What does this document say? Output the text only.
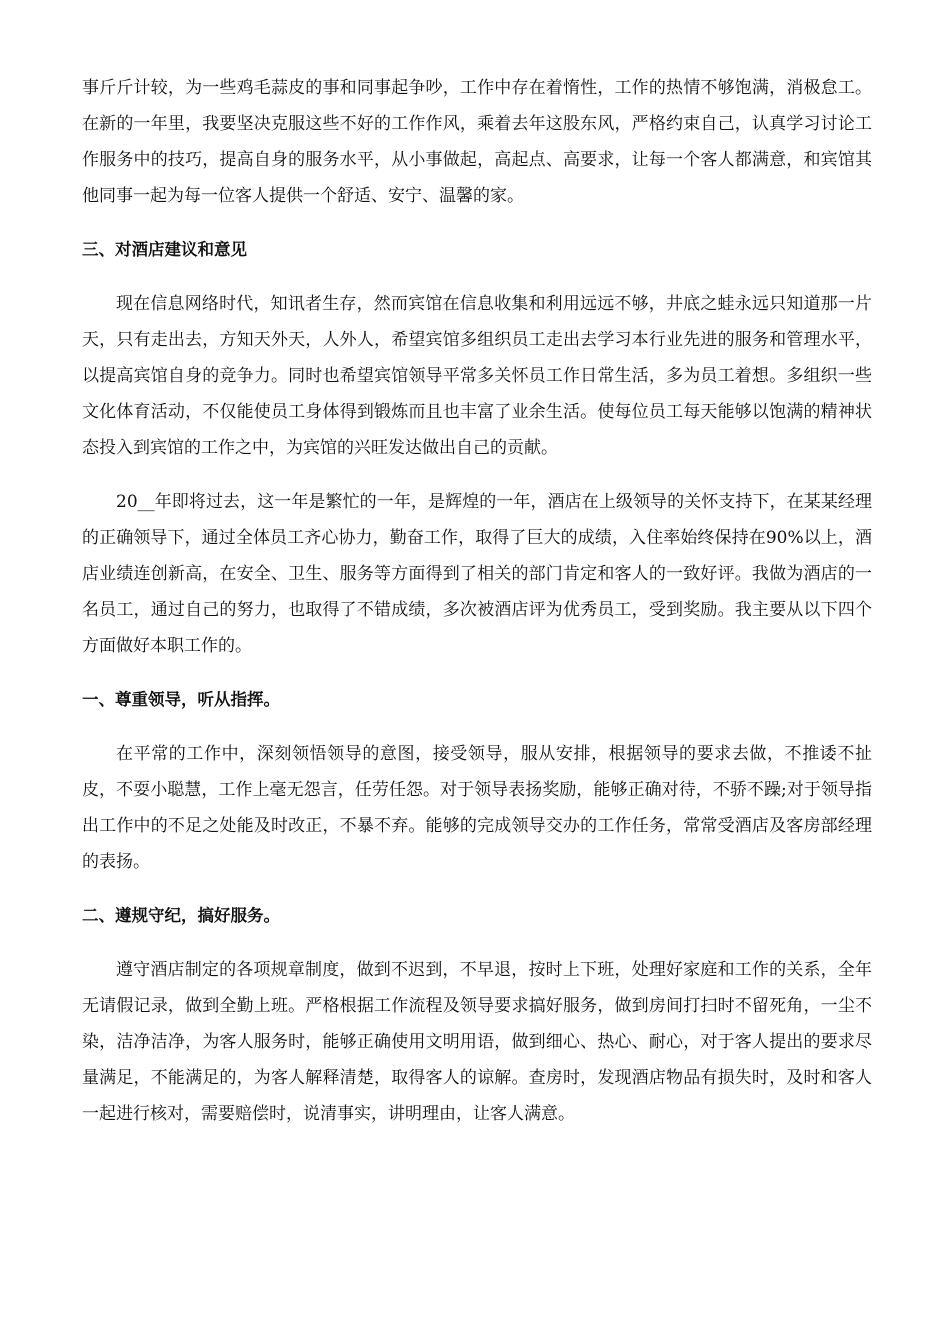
事斤斤计较，为一些鸡毛蒜皮的事和同事起争吵，工作中存在着惰性，工作的热情不够饱满，消极怠工。在新的一年里，我要坚决克服这些不好的工作作风，乘着去年这股东风，严格约束自己，认真学习讨论工作服务中的技巧，提高自身的服务水平，从小事做起，高起点、高要求，让每一个客人都满意，和宾馆其他同事一起为每一位客人提供一个舒适、安宁、温馨的家。

三、对酒店建议和意见

现在信息网络时代，知讯者生存，然而宾馆在信息收集和利用远远不够，井底之蛙永远只知道那一片天，只有走出去，方知天外天，人外人，希望宾馆多组织员工走出去学习本行业先进的服务和管理水平，以提高宾馆自身的竞争力。同时也希望宾馆领导平常多关怀员工作日常生活，多为员工着想。多组织一些文化体育活动，不仅能使员工身体得到锻炼而且也丰富了业余生活。使每位员工每天能够以饱满的精神状态投入到宾馆的工作之中，为宾馆的兴旺发达做出自己的贡献。

20__年即将过去，这一年是繁忙的一年，是辉煌的一年，酒店在上级领导的关怀支持下，在某某经理的正确领导下，通过全体员工齐心协力，勤奋工作，取得了巨大的成绩，入住率始终保持在90%以上，酒店业绩连创新高，在安全、卫生、服务等方面得到了相关的部门肯定和客人的一致好评。我做为酒店的一名员工，通过自己的努力，也取得了不错成绩，多次被酒店评为优秀员工，受到奖励。我主要从以下四个方面做好本职工作的。

一、尊重领导，听从指挥。

在平常的工作中，深刻领悟领导的意图，接受领导，服从安排，根据领导的要求去做，不推诿不扯皮，不耍小聪慧，工作上毫无怨言，任劳任怨。对于领导表扬奖励，能够正确对待，不骄不躁;对于领导指出工作中的不足之处能及时改正，不暴不弃。能够的完成领导交办的工作任务，常常受酒店及客房部经理的表扬。

二、遵规守纪，搞好服务。

遵守酒店制定的各项规章制度，做到不迟到，不早退，按时上下班，处理好家庭和工作的关系，全年无请假记录，做到全勤上班。严格根据工作流程及领导要求搞好服务，做到房间打扫时不留死角，一尘不染，洁净洁净，为客人服务时，能够正确使用文明用语，做到细心、热心、耐心，对于客人提出的要求尽量满足，不能满足的，为客人解释清楚，取得客人的谅解。查房时，发现酒店物品有损失时，及时和客人一起进行核对，需要赔偿时，说清事实，讲明理由，让客人满意。
